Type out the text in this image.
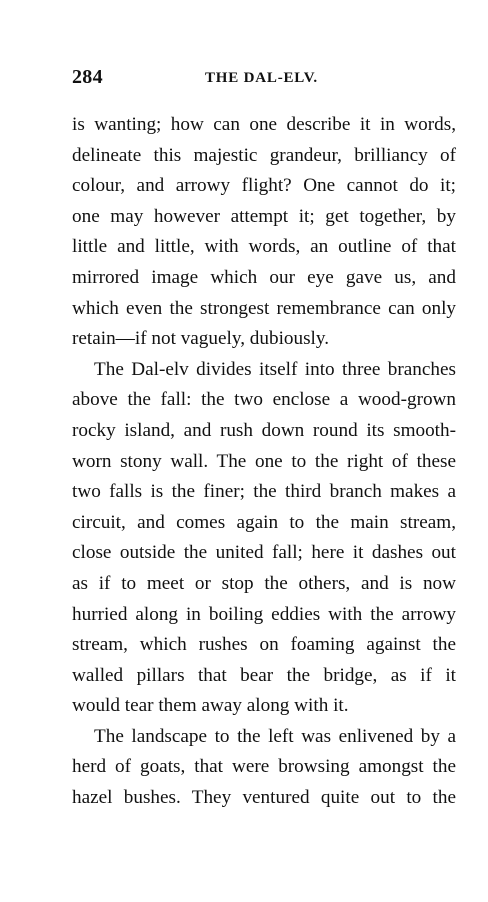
284	THE DAL-ELV.
is wanting; how can one describe it in words,
delineate this majestic grandeur, brilliancy of
colour, and arrowy flight? One cannot do it;
one may however attempt it; get together, by
little and little, with words, an outline of that
mirrored image which our eye gave us, and
which even the strongest remembrance can only
retain—if not vaguely, dubiously.
The Dal-elv divides itself into three branches
above the fall: the two enclose a wood-grown
rocky island, and rush down round its smooth-
worn stony wall. The one to the right of these
two falls is the finer; the third branch makes a
circuit, and comes again to the main stream,
close outside the united fall; here it dashes out
as if to meet or stop the others, and is now
hurried along in boiling eddies with the arrowy
stream, which rushes on foaming against the
walled pillars that bear the bridge, as if it
would tear them away along with it.
The landscape to the left was enlivened by a
herd of goats, that were browsing amongst the
hazel bushes. They ventured quite out to the
